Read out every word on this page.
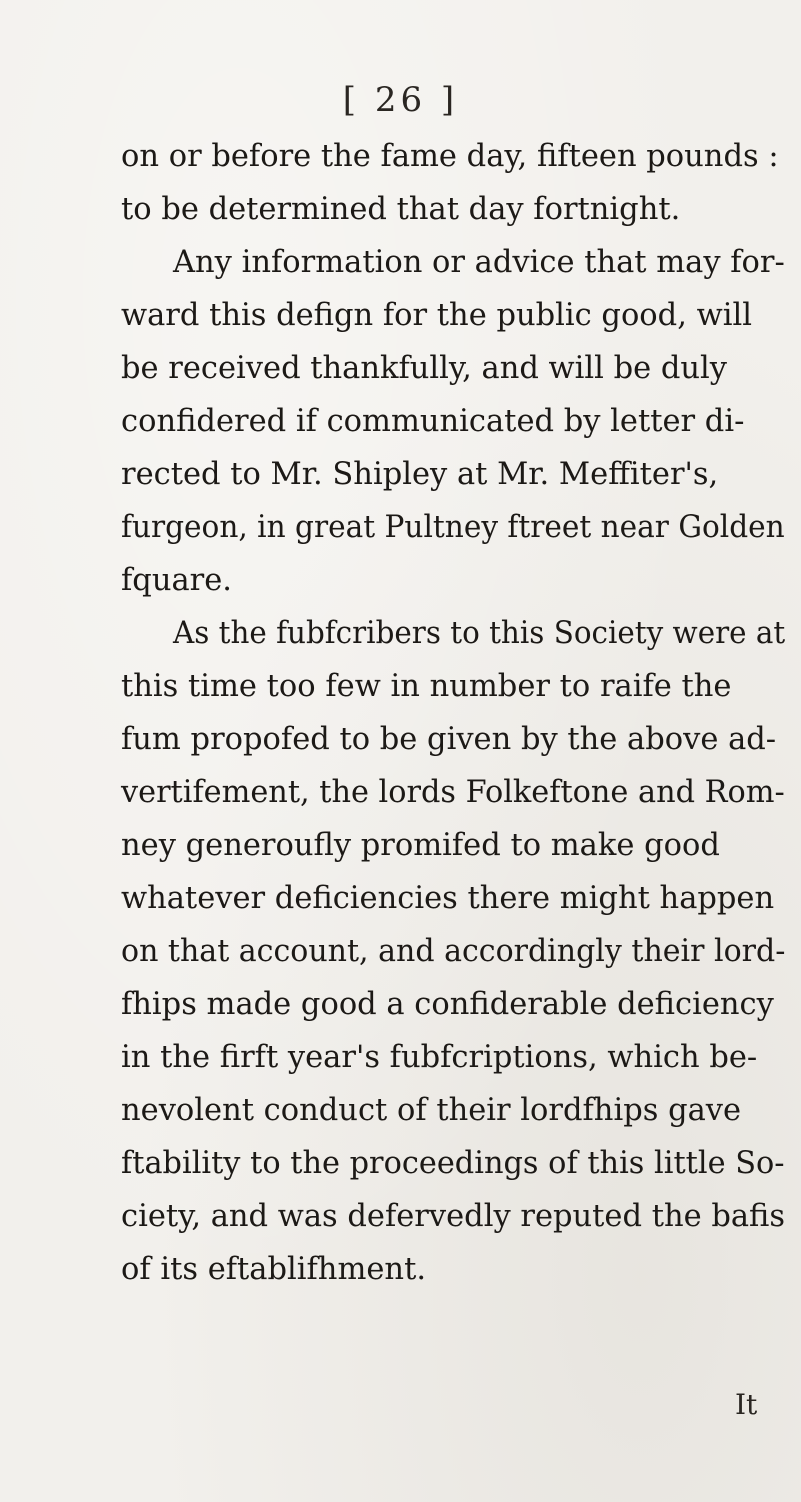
[ 26 ]
on or before the fame day, fifteen pounds :
to be determined that day fortnight.
Any information or advice that may for-
ward this defign for the public good, will
be received thankfully, and will be duly
confidered if communicated by letter di-
rected to Mr. Shipley at Mr. Meffiter's,
furgeon, in great Pultney ftreet near Golden
fquare.
As the fubfcribers to this Society were at
this time too few in number to raife the
fum propofed to be given by the above ad-
vertifement, the lords Folkeftone and Rom-
ney generoufly promifed to make good
whatever deficiencies there might happen
on that account, and accordingly their lord-
fhips made good a confiderable deficiency
in the firft year's fubfcriptions, which be-
nevolent conduct of their lordfhips gave
ftability to the proceedings of this little So-
ciety, and was defervedly reputed the bafis
of its eftablifhment.
It
